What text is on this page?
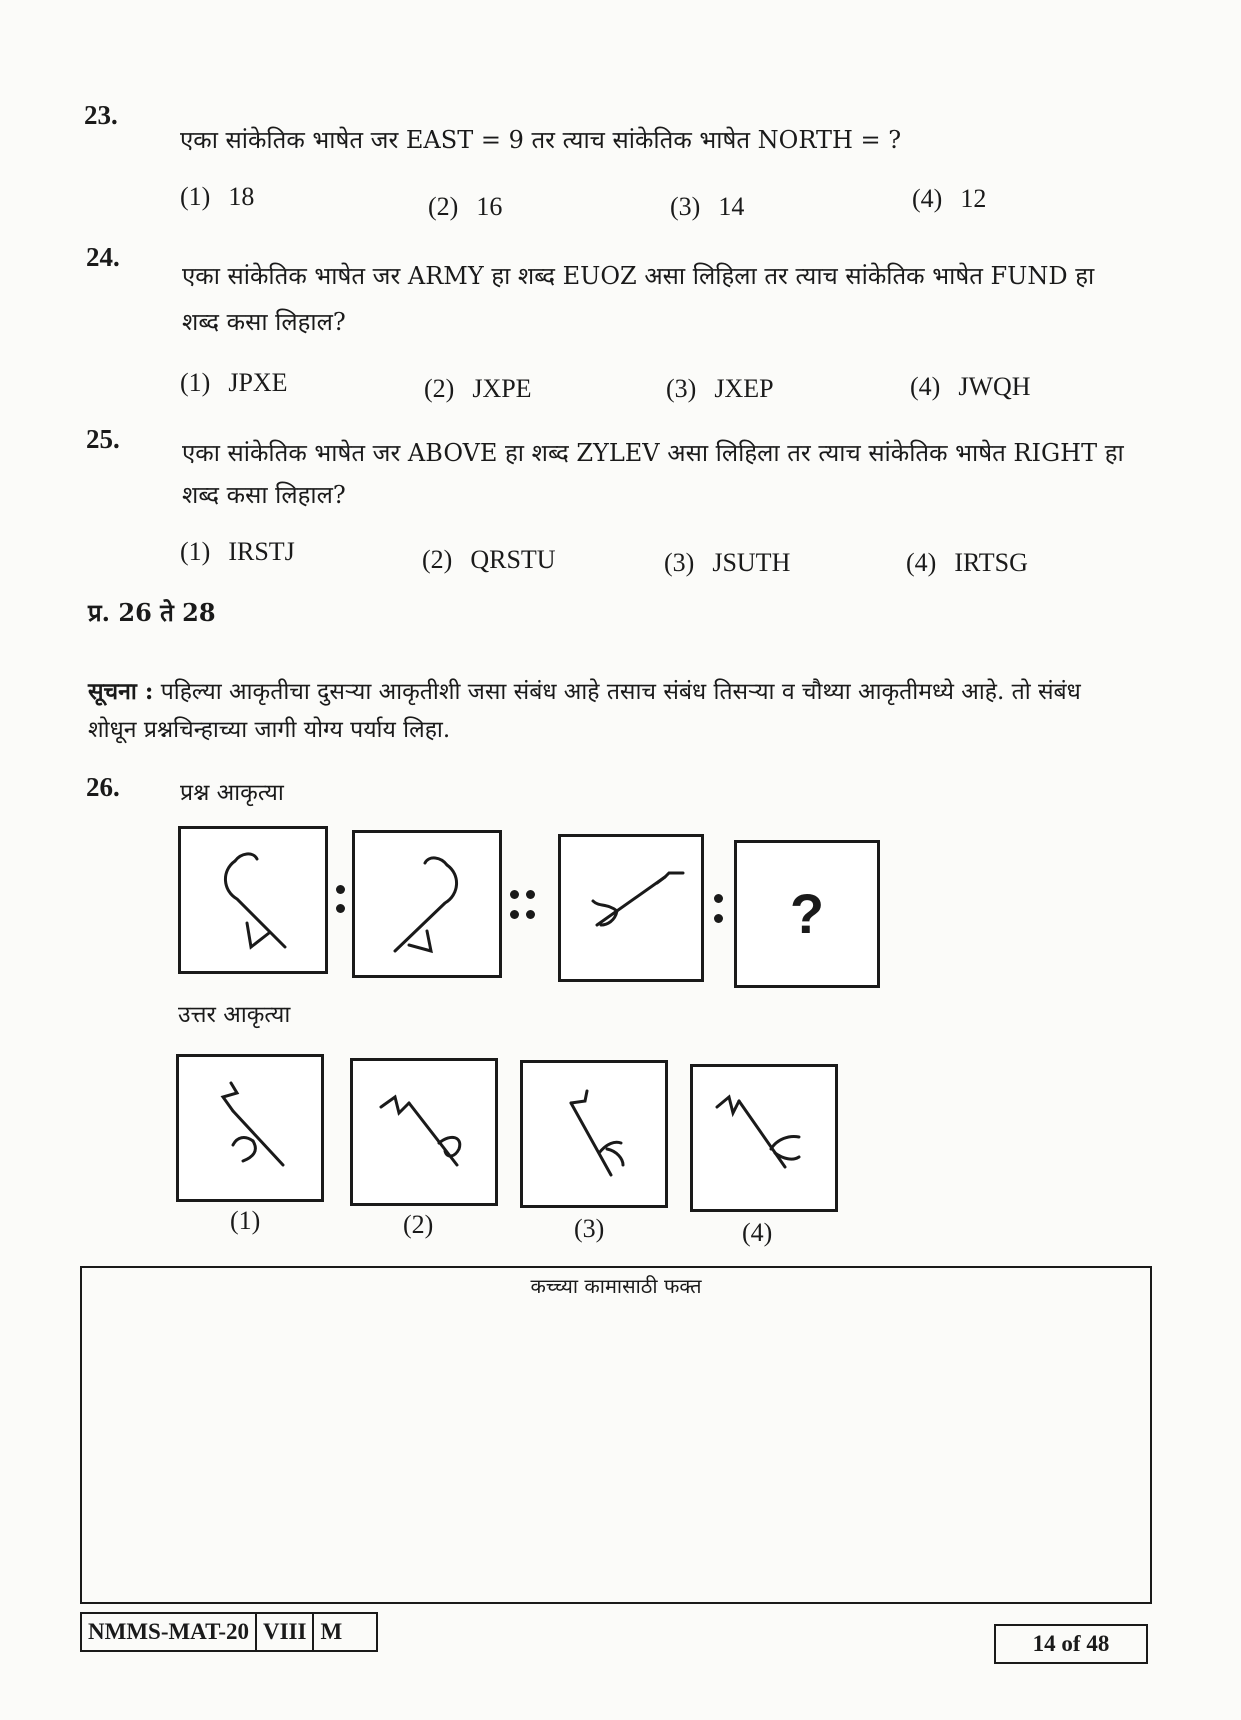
23.
एका सांकेतिक भाषेत जर EAST = 9 तर त्याच सांकेतिक भाषेत NORTH = ?
(1) 18	(2) 16	(3) 14	(4) 12
24.
एका सांकेतिक भाषेत जर ARMY हा शब्द EUOZ असा लिहिला तर त्याच सांकेतिक भाषेत FUND हा
शब्द कसा लिहाल?
(1) JPXE	(2) JXPE	(3) JXEP	(4) JWQH
25.	एका सांकेतिक भाषेत जर ABOVE हा शब्द ZYLEV असा लिहिला तर त्याच सांकेतिक भाषेत RIGHT हा
शब्द कसा लिहाल?
(1) IRSTJ	(2) QRSTU	(3) JSUTH	(4) IRTSG
प्र. 26 ते 28
सूचना : पहिल्या आकृतीचा दुसऱ्या आकृतीशी जसा संबंध आहे तसाच संबंध तिसऱ्या व चौथ्या आकृतीमध्ये आहे. तो संबंध
शोधून प्रश्नचिन्हाच्या जागी योग्य पर्याय लिहा.
26.	प्रश्न आकृत्या
?
उत्तर आकृत्या
(1)	(2)	(3)	(4)
कच्च्या कामासाठी फक्त
NMMS-MAT-20 VIII M	14 of 48
